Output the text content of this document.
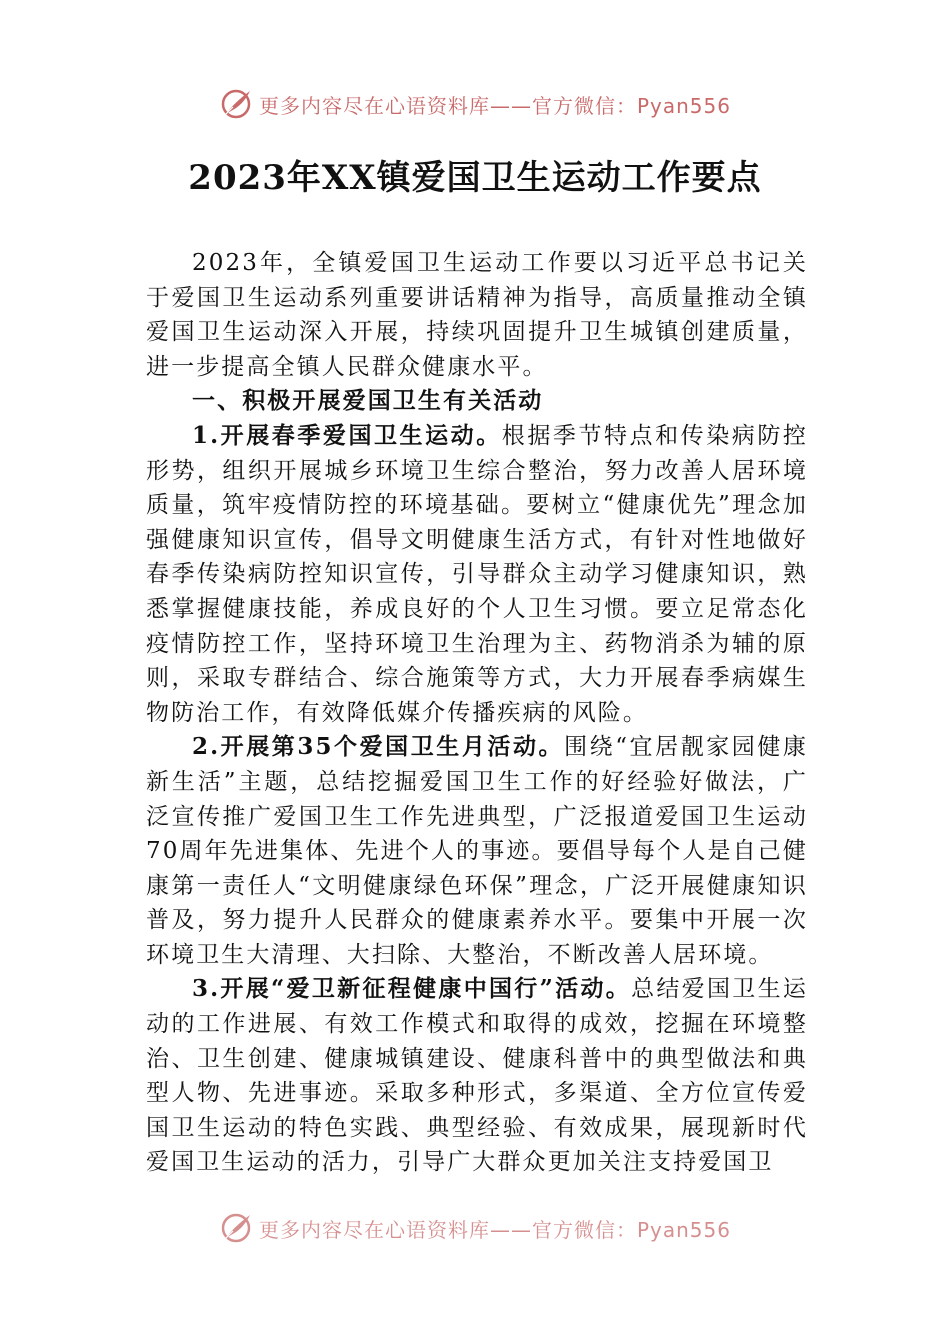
更多内容尽在心语资料库——官方微信：Pyan556
2023年XX镇爱国卫生运动工作要点

2023年，全镇爱国卫生运动工作要以习近平总书记关于爱国卫生运动系列重要讲话精神为指导，高质量推动全镇爱国卫生运动深入开展，持续巩固提升卫生城镇创建质量，进一步提高全镇人民群众健康水平。

一、积极开展爱国卫生有关活动

1.开展春季爱国卫生运动。根据季节特点和传染病防控形势，组织开展城乡环境卫生综合整治，努力改善人居环境质量，筑牢疫情防控的环境基础。要树立“健康优先”理念加强健康知识宣传，倡导文明健康生活方式，有针对性地做好春季传染病防控知识宣传，引导群众主动学习健康知识，熟悉掌握健康技能，养成良好的个人卫生习惯。要立足常态化疫情防控工作，坚持环境卫生治理为主、药物消杀为辅的原则，采取专群结合、综合施策等方式，大力开展春季病媒生物防治工作，有效降低媒介传播疾病的风险。

2.开展第35个爱国卫生月活动。围绕“宜居靓家园健康新生活”主题，总结挖掘爱国卫生工作的好经验好做法，广泛宣传推广爱国卫生工作先进典型，广泛报道爱国卫生运动70周年先进集体、先进个人的事迹。要倡导每个人是自己健康第一责任人“文明健康绿色环保”理念，广泛开展健康知识普及，努力提升人民群众的健康素养水平。要集中开展一次环境卫生大清理、大扫除、大整治，不断改善人居环境。

3.开展“爱卫新征程健康中国行”活动。总结爱国卫生运动的工作进展、有效工作模式和取得的成效，挖掘在环境整治、卫生创建、健康城镇建设、健康科普中的典型做法和典型人物、先进事迹。采取多种形式，多渠道、全方位宣传爱国卫生运动的特色实践、典型经验、有效成果，展现新时代爱国卫生运动的活力，引导广大群众更加关注支持爱国卫

更多内容尽在心语资料库——官方微信：Pyan556
